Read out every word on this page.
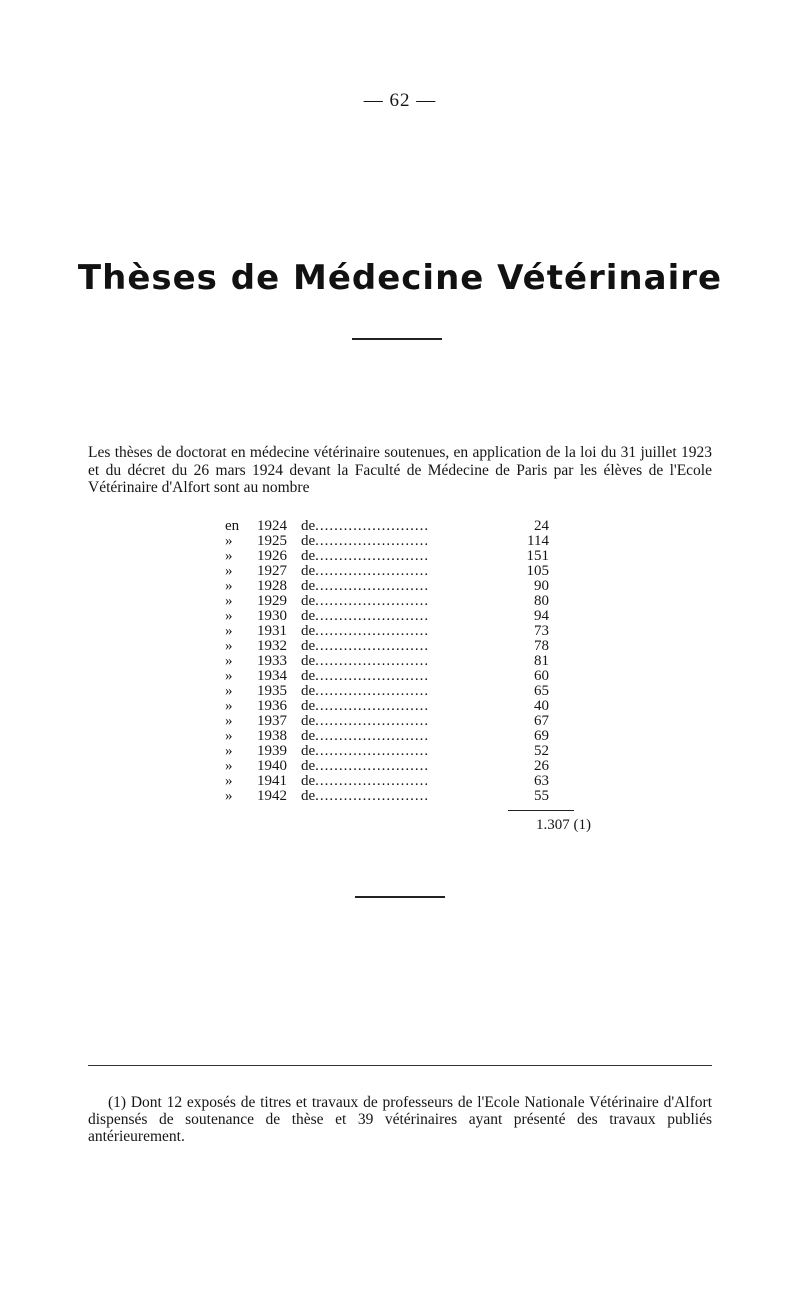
— 62 —
Thèses de Médecine Vétérinaire
Les thèses de doctorat en médecine vétérinaire soutenues, en application de la loi du 31 juillet 1923 et du décret du 26 mars 1924 devant la Faculté de Médecine de Paris par les élèves de l'Ecole Vétérinaire d'Alfort sont au nombre
en	1924	de........................	24
»	1925	de........................	114
»	1926	de........................	151
»	1927	de........................	105
»	1928	de........................	90
»	1929	de........................	80
»	1930	de........................	94
»	1931	de........................	73
»	1932	de........................	78
»	1933	de........................	81
»	1934	de........................	60
»	1935	de........................	65
»	1936	de........................	40
»	1937	de........................	67
»	1938	de........................	69
»	1939	de........................	52
»	1940	de........................	26
»	1941	de........................	63
»	1942	de........................	55
1.307 (1)
(1) Dont 12 exposés de titres et travaux de professeurs de l'Ecole Nationale Vétérinaire d'Alfort dispensés de soutenance de thèse et 39 vétérinaires ayant présenté des travaux publiés antérieurement.
